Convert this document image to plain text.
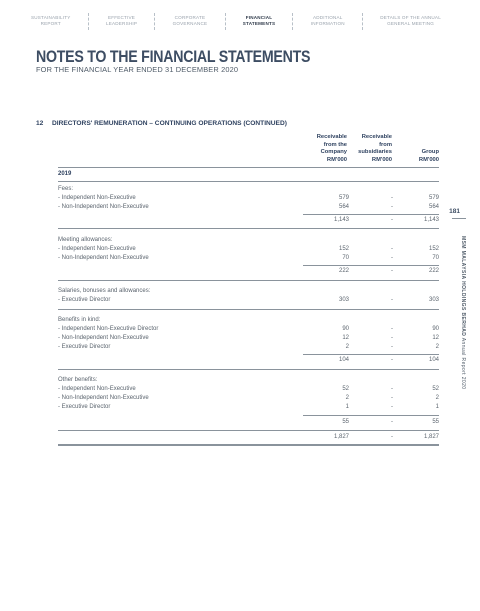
SUSTAINABILITY
REPORT
EFFECTIVE
LEADERSHIP
CORPORATE
GOVERNANCE
FINANCIAL
STATEMENTS
ADDITIONAL
INFORMATION
DETAILS OF THE ANNUAL
GENERAL MEETING
NOTES TO THE FINANCIAL STATEMENTS
FOR THE FINANCIAL YEAR ENDED 31 DECEMBER 2020
12 DIRECTORS' REMUNERATION – CONTINUING OPERATIONS (CONTINUED)
Receivable
from the
Company
RM'000
Receivable
from
subsidiaries
RM'000
Group
RM'000
2019
Fees:
- Independent Non-Executive	579	-	579
- Non-Independent Non-Executive	564	-	564
1,143	-	1,143
Meeting allowances:
- Independent Non-Executive	152	-	152
- Non-Independent Non-Executive	70	-	70
222	-	222
Salaries, bonuses and allowances:
- Executive Director	303	-	303
Benefits in kind:
- Independent Non-Executive Director	90	-	90
- Non-Independent Non-Executive	12	-	12
- Executive Director	2	-	2
104	-	104
Other benefits:
- Independent Non-Executive	52	-	52
- Non-Independent Non-Executive	2	-	2
- Executive Director	1	-	1
55	-	55
1,827	-	1,827
181
MSM MALAYSIA HOLDINGS BERHAD Annual Report 2020
